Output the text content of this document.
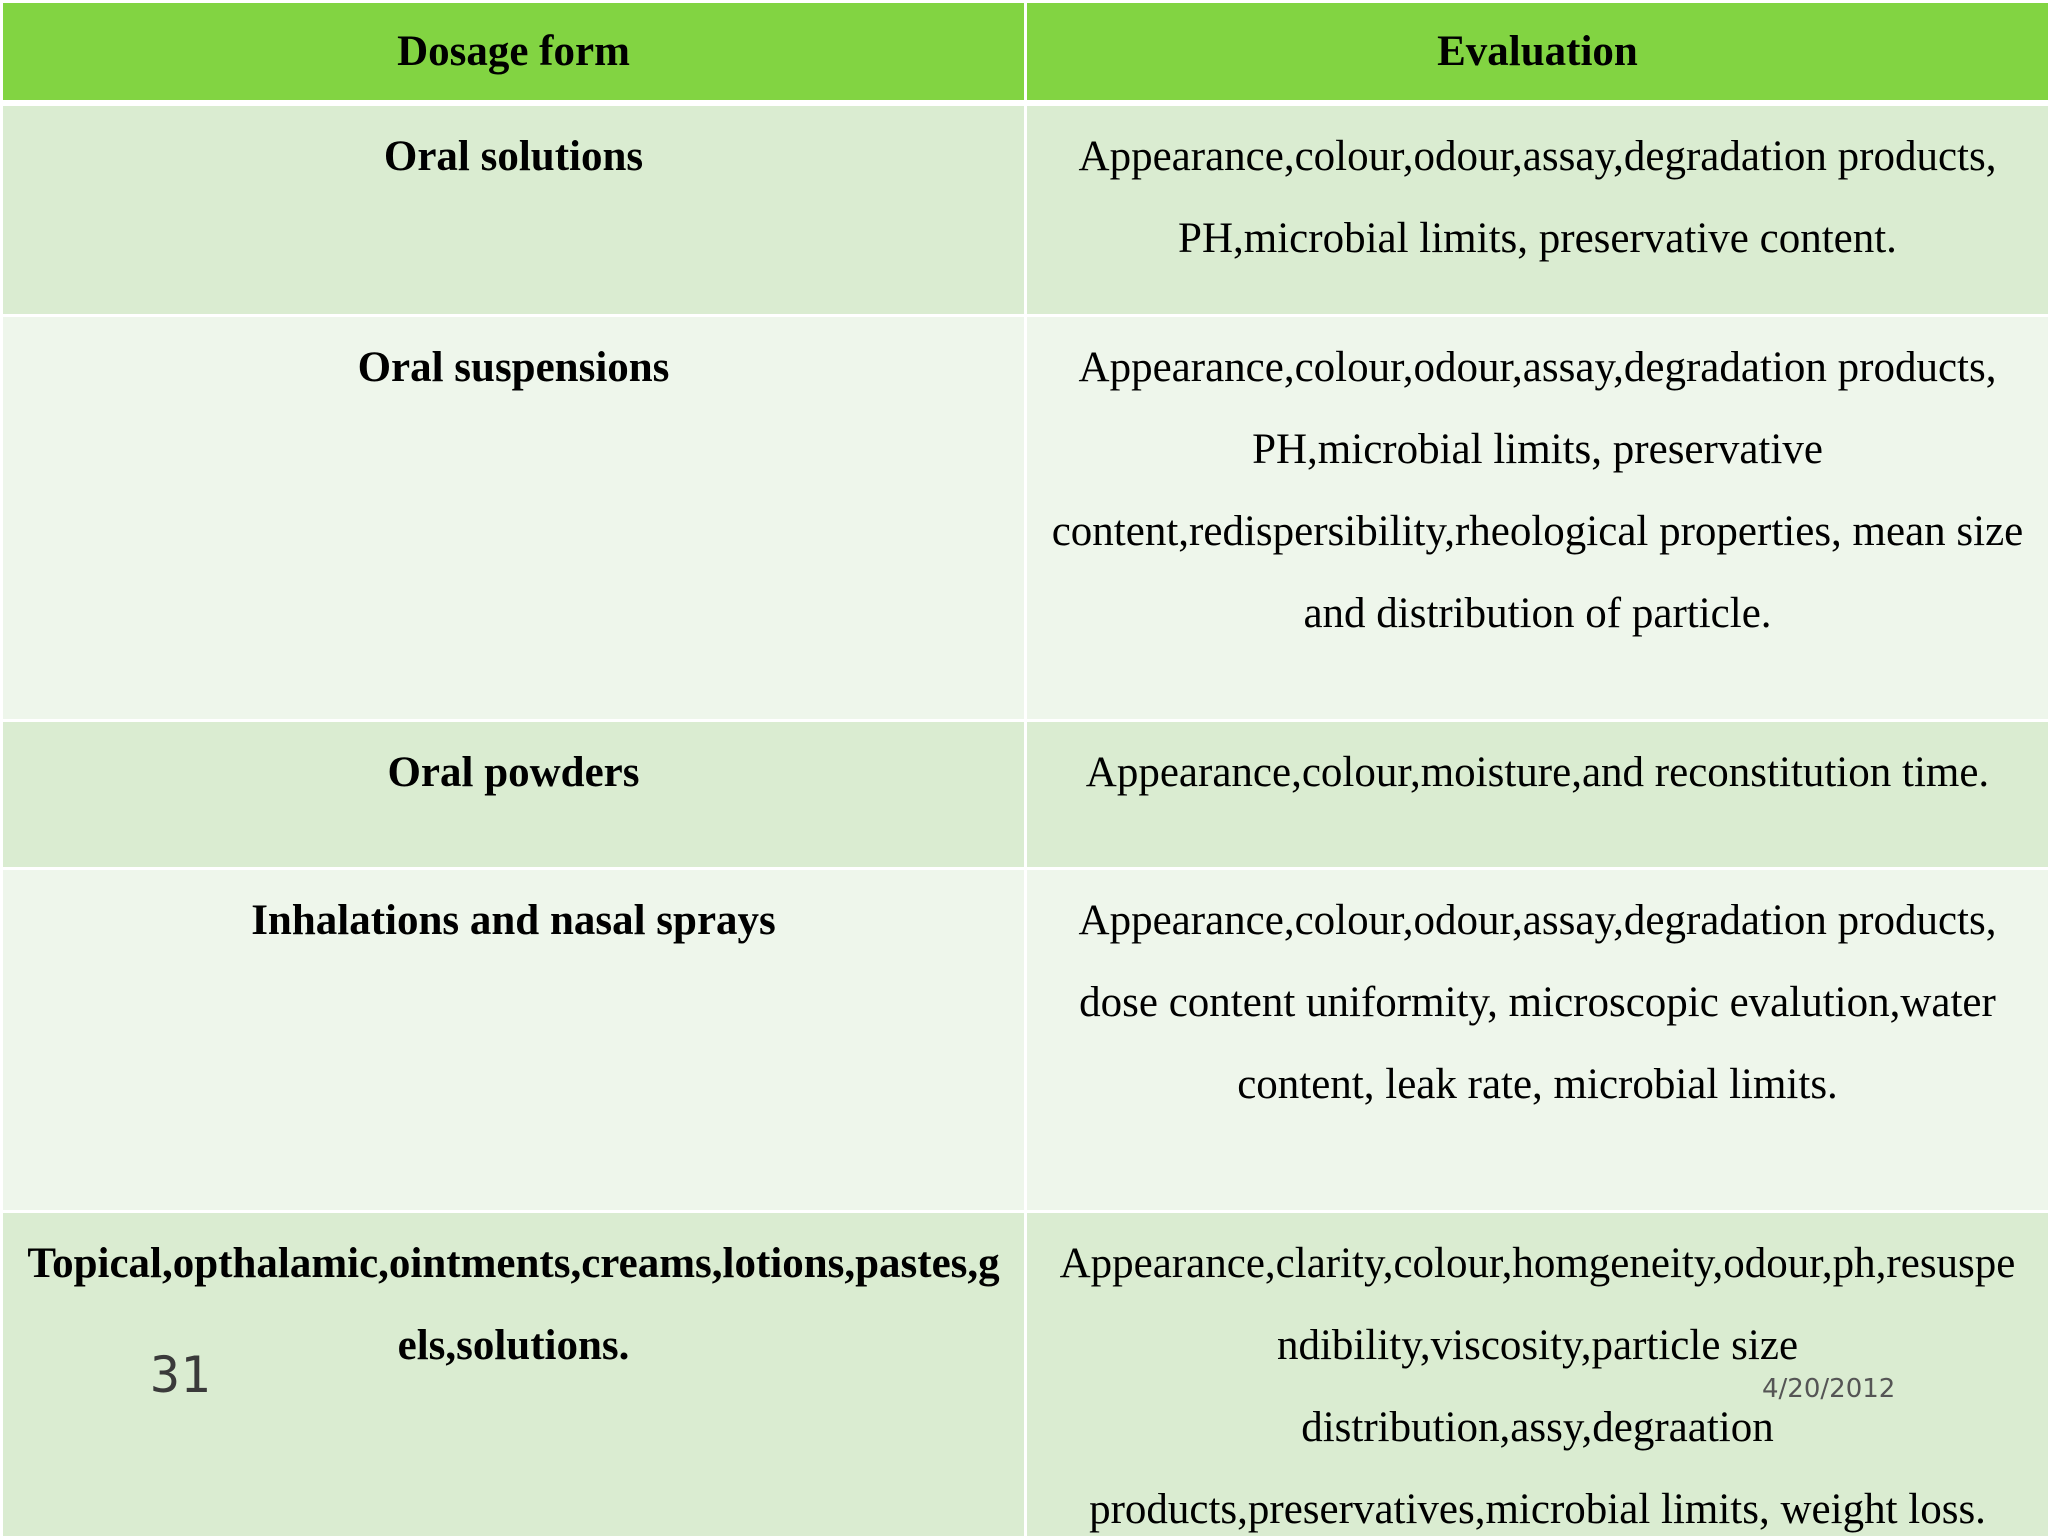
Dosage form	Evaluation
Oral solutions	Appearance,colour,odour,assay,degradation products, PH,microbial limits, preservative content.
Oral suspensions	Appearance,colour,odour,assay,degradation products, PH,microbial limits, preservative content,redispersibility,rheological properties, mean size and distribution of particle.
Oral powders	Appearance,colour,moisture,and reconstitution time.
Inhalations and nasal sprays	Appearance,colour,odour,assay,degradation products, dose content uniformity, microscopic evalution,water content, leak rate, microbial limits.
Topical,opthalamic,ointments,creams,lotions,pastes,gels,solutions.	Appearance,clarity,colour,homgeneity,odour,ph,resuspendibility,viscosity,particle size distribution,assy,degraation products,preservatives,microbial limits, weight loss.
31	4/20/2012
